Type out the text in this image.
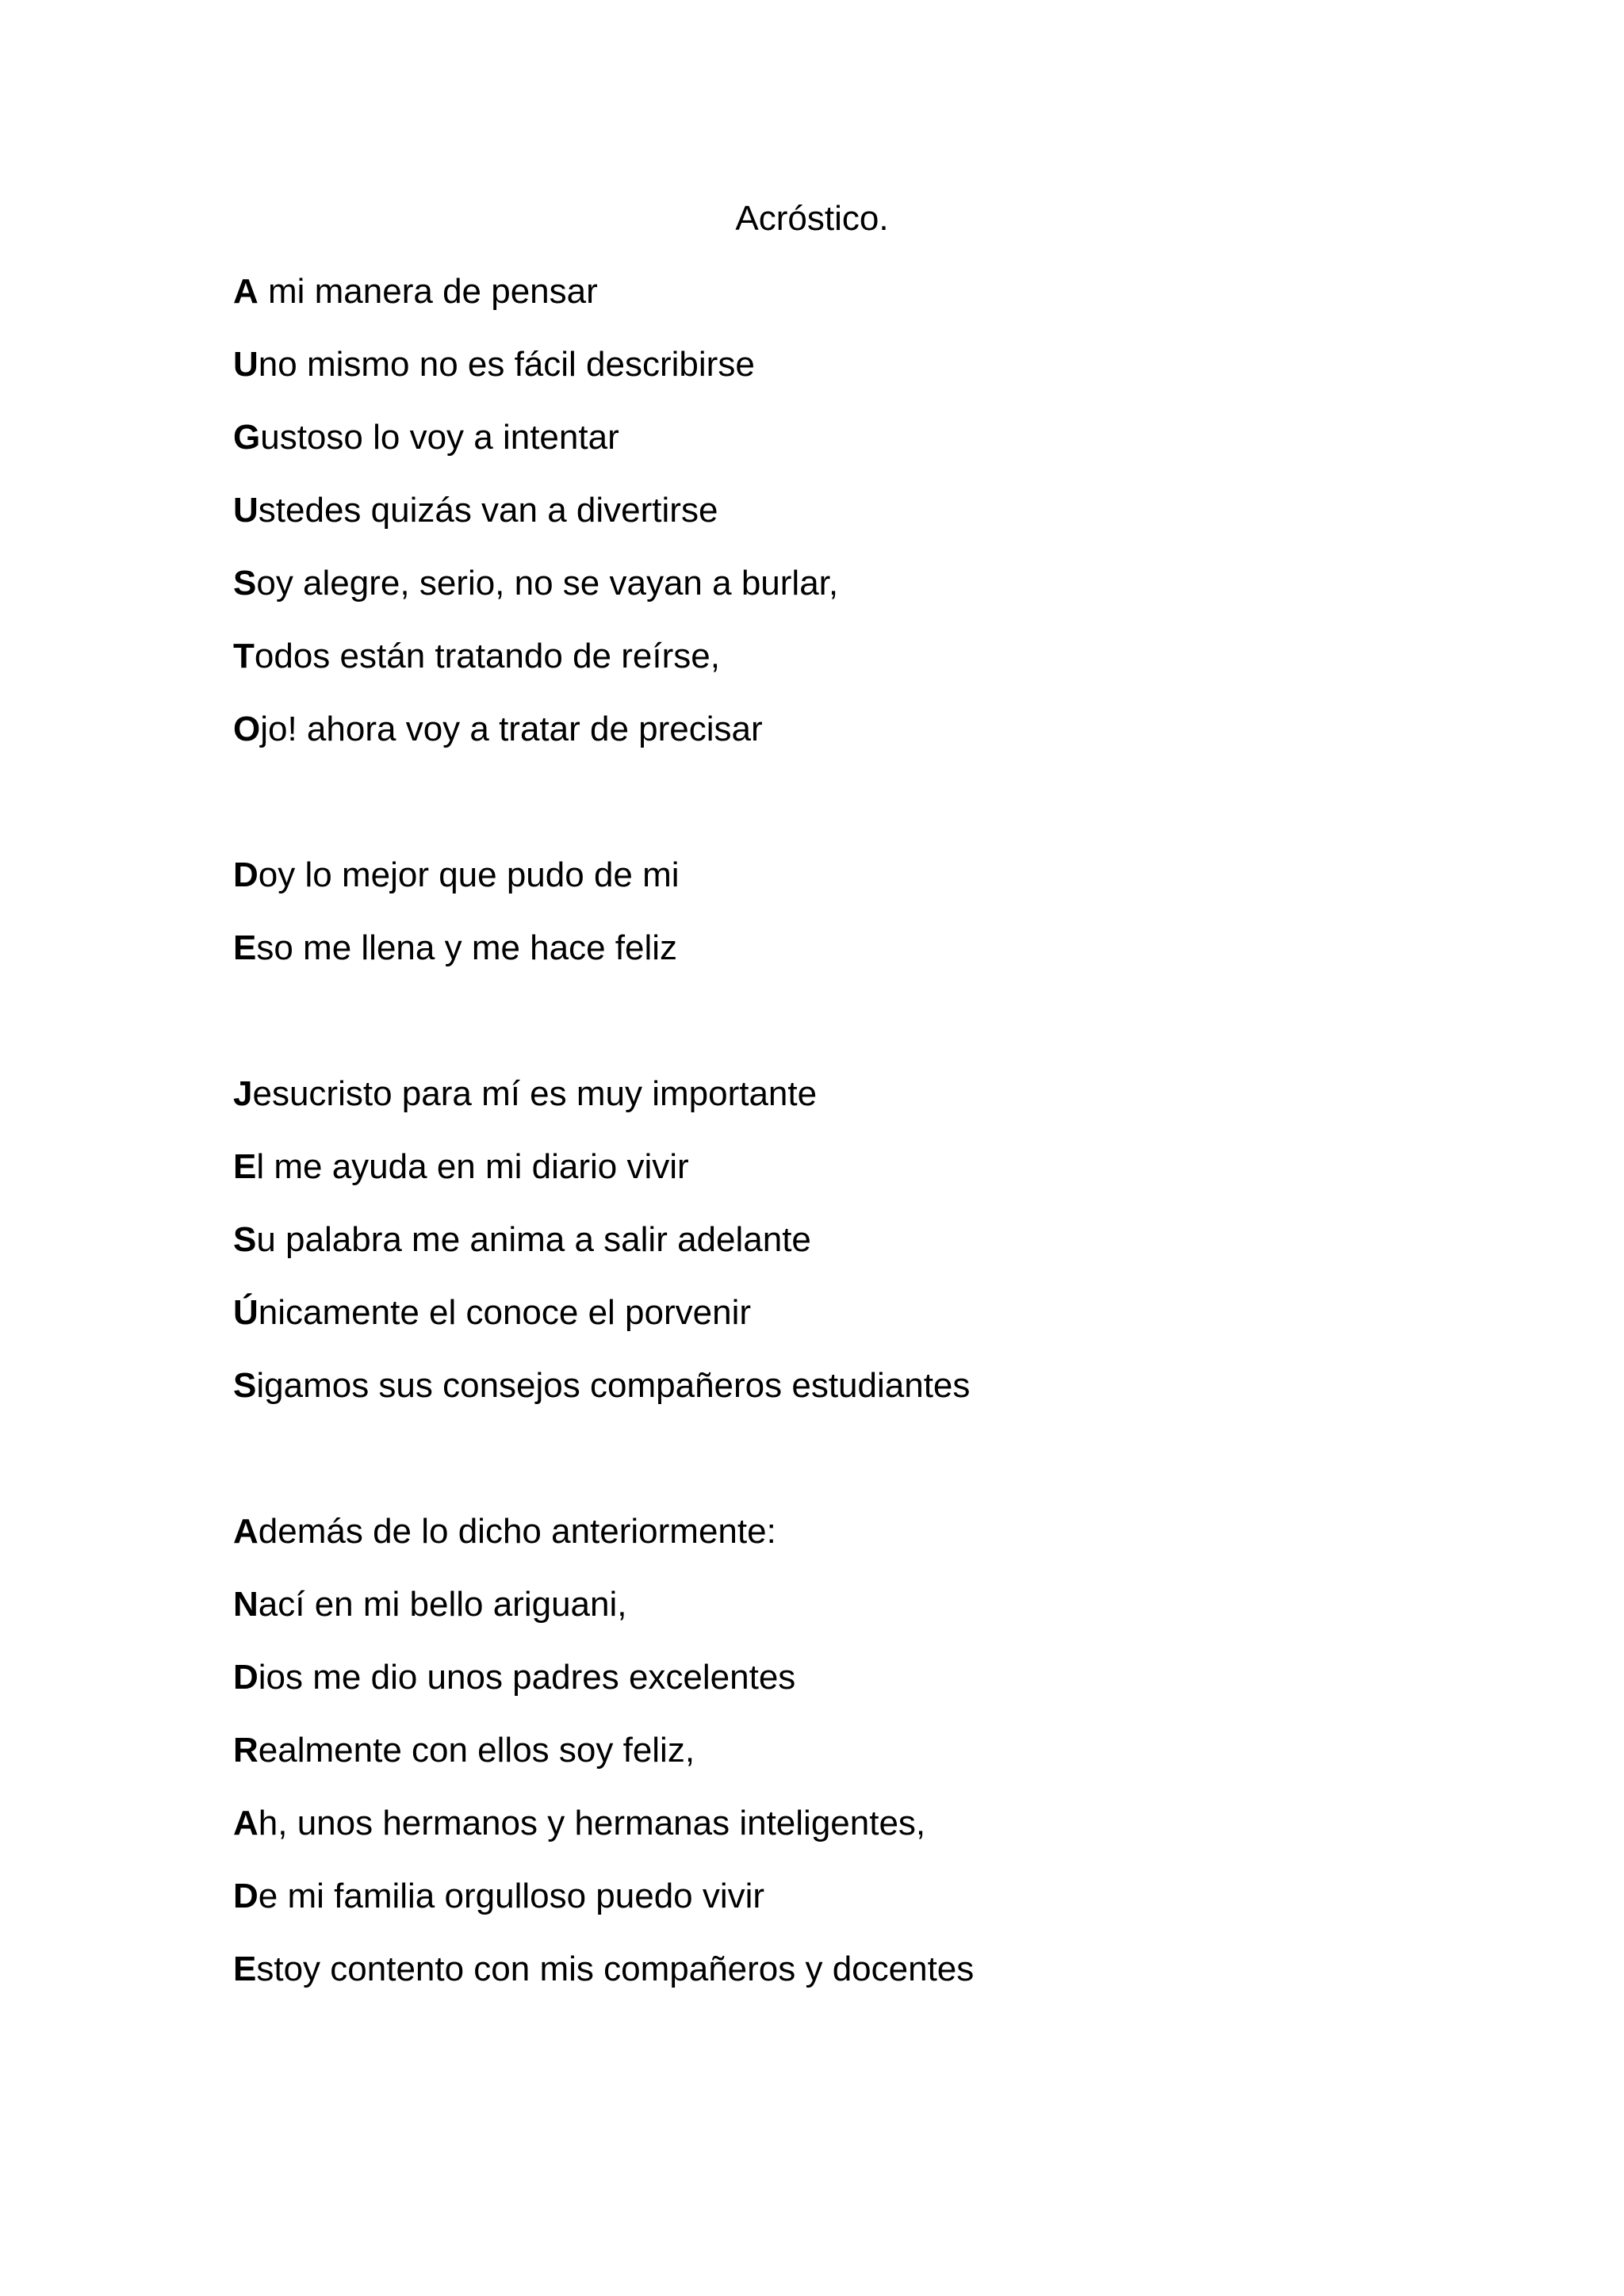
Acróstico.
A mi manera de pensar
Uno mismo no es fácil describirse
Gustoso lo voy a intentar
Ustedes quizás van a divertirse
Soy alegre, serio, no se vayan a burlar,
Todos están tratando de reírse,
Ojo! ahora voy a tratar de precisar
Doy lo mejor que pudo de mi
Eso me llena y me hace feliz
Jesucristo para mí es muy importante
El me ayuda en mi diario vivir
Su palabra me anima a salir adelante
Únicamente el conoce el porvenir
Sigamos sus consejos compañeros estudiantes
Además de lo dicho anteriormente:
Nací en mi bello ariguani,
Dios me dio unos padres excelentes
Realmente con ellos soy feliz,
Ah, unos hermanos y hermanas inteligentes,
De mi familia orgulloso puedo vivir
Estoy contento con mis compañeros y docentes
